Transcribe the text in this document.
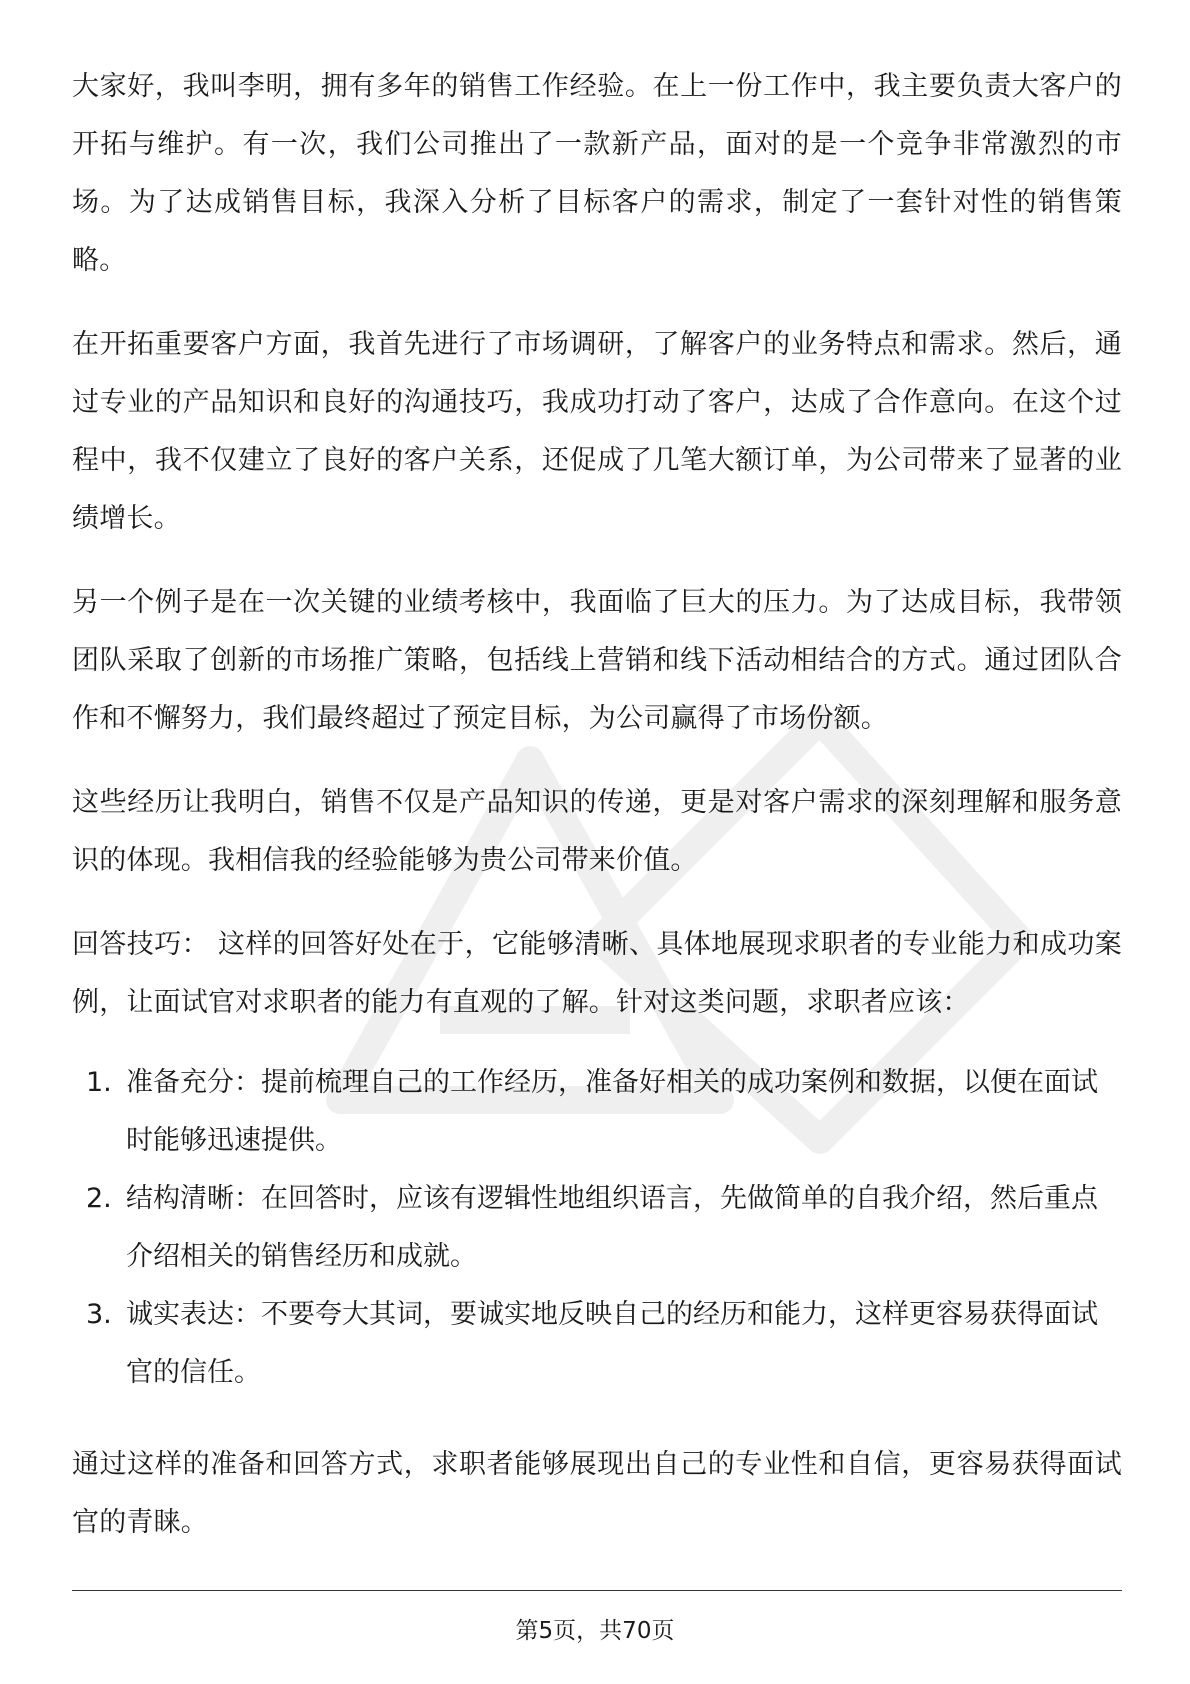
大家好，我叫李明，拥有多年的销售工作经验。在上一份工作中，我主要负责大客户的开拓与维护。有一次，我们公司推出了一款新产品，面对的是一个竞争非常激烈的市场。为了达成销售目标，我深入分析了目标客户的需求，制定了一套针对性的销售策略。

在开拓重要客户方面，我首先进行了市场调研，了解客户的业务特点和需求。然后，通过专业的产品知识和良好的沟通技巧，我成功打动了客户，达成了合作意向。在这个过程中，我不仅建立了良好的客户关系，还促成了几笔大额订单，为公司带来了显著的业绩增长。

另一个例子是在一次关键的业绩考核中，我面临了巨大的压力。为了达成目标，我带领团队采取了创新的市场推广策略，包括线上营销和线下活动相结合的方式。通过团队合作和不懈努力，我们最终超过了预定目标，为公司赢得了市场份额。

这些经历让我明白，销售不仅是产品知识的传递，更是对客户需求的深刻理解和服务意识的体现。我相信我的经验能够为贵公司带来价值。

回答技巧： 这样的回答好处在于，它能够清晰、具体地展现求职者的专业能力和成功案例，让面试官对求职者的能力有直观的了解。针对这类问题，求职者应该：

1. 准备充分：提前梳理自己的工作经历，准备好相关的成功案例和数据，以便在面试时能够迅速提供。
2. 结构清晰：在回答时，应该有逻辑性地组织语言，先做简单的自我介绍，然后重点介绍相关的销售经历和成就。
3. 诚实表达：不要夸大其词，要诚实地反映自己的经历和能力，这样更容易获得面试官的信任。

通过这样的准备和回答方式，求职者能够展现出自己的专业性和自信，更容易获得面试官的青睐。

第5页，共70页
